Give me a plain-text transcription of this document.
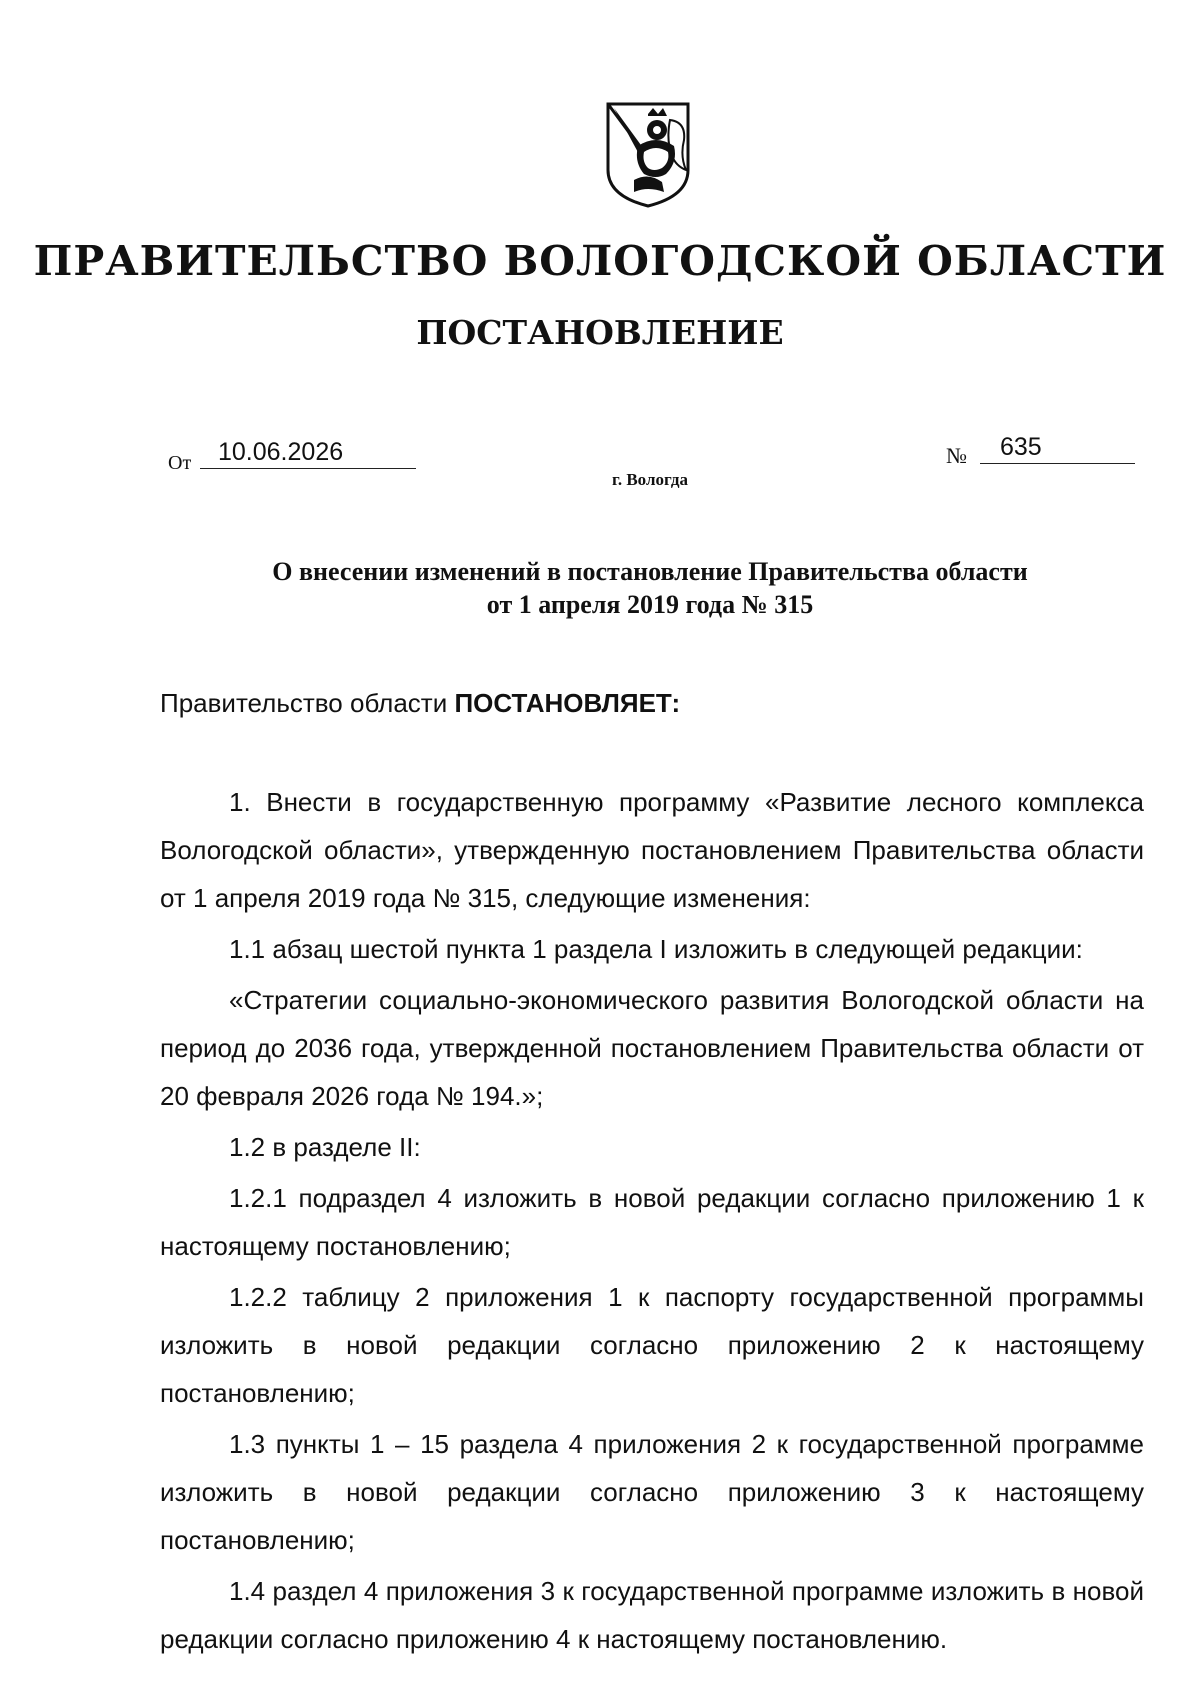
ПРАВИТЕЛЬСТВО ВОЛОГОДСКОЙ ОБЛАСТИ
ПОСТАНОВЛЕНИЕ
От	10.06.2026	№	635
г. Вологда
О внесении изменений в постановление Правительства области
от 1 апреля 2019 года № 315
Правительство области ПОСТАНОВЛЯЕТ:

1. Внести в государственную программу «Развитие лесного комплекса Вологодской области», утвержденную постановлением Правительства области от 1 апреля 2019 года № 315, следующие изменения:

1.1 абзац шестой пункта 1 раздела I изложить в следующей редакции:

«Стратегии социально-экономического развития Вологодской области на период до 2036 года, утвержденной постановлением Правительства области от 20 февраля 2026 года № 194.»;

1.2 в разделе II:

1.2.1 подраздел 4 изложить в новой редакции согласно приложению 1 к настоящему постановлению;

1.2.2 таблицу 2 приложения 1 к паспорту государственной программы изложить в новой редакции согласно приложению 2 к настоящему постановлению;

1.3 пункты 1 – 15 раздела 4 приложения 2 к государственной программе изложить в новой редакции согласно приложению 3 к настоящему постановлению;

1.4 раздел 4 приложения 3 к государственной программе изложить в новой редакции согласно приложению 4 к настоящему постановлению.
